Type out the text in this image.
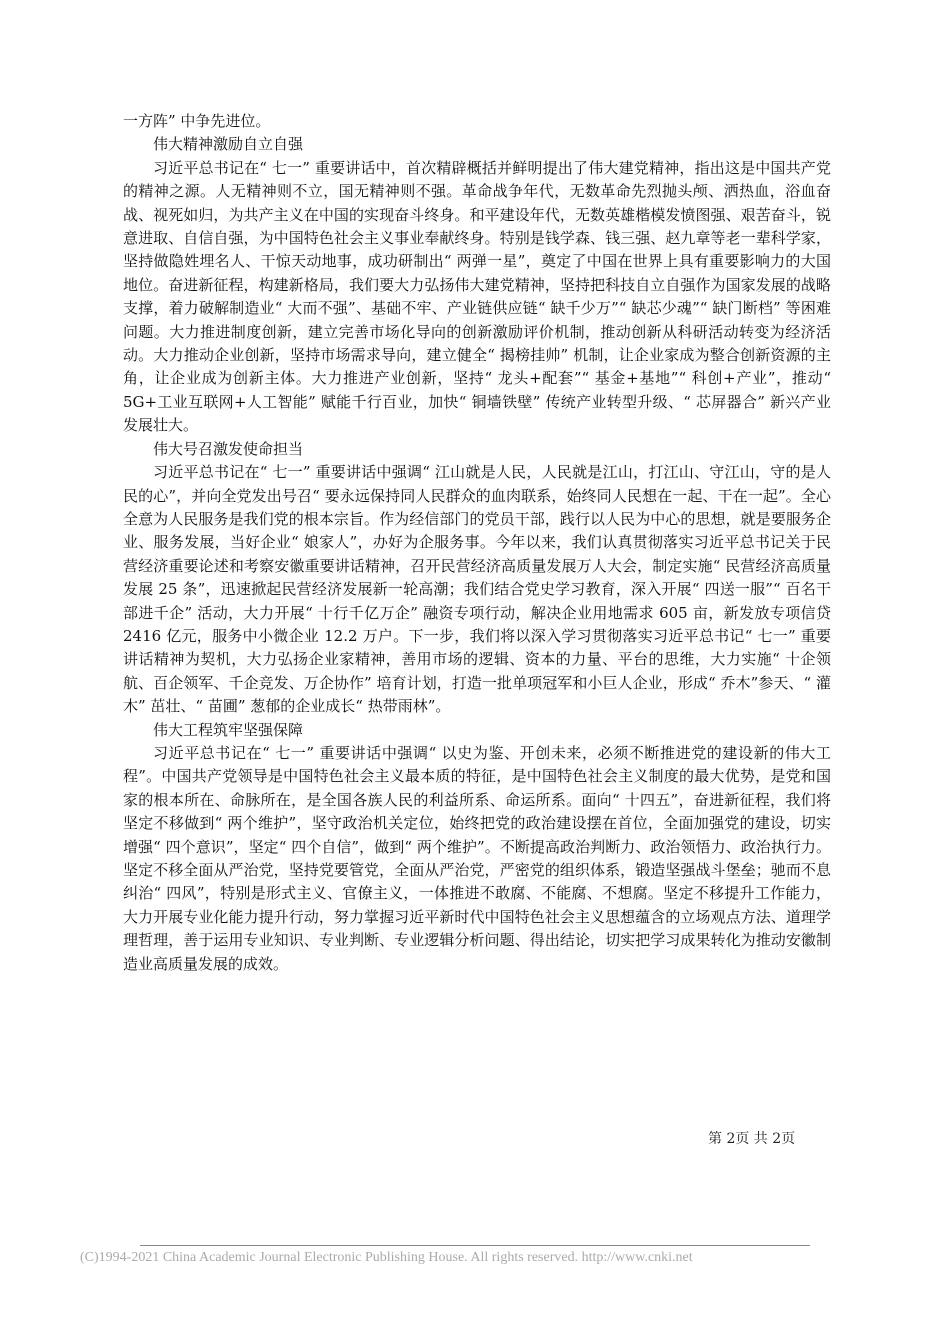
一方阵” 中争先进位。

伟大精神激励自立自强

习近平总书记在“ 七一” 重要讲话中，首次精辟概括并鲜明提出了伟大建党精神，指出这是中国共产党的精神之源。人无精神则不立，国无精神则不强。革命战争年代，无数革命先烈抛头颅、洒热血，浴血奋战、视死如归，为共产主义在中国的实现奋斗终身。和平建设年代，无数英雄楷模发愤图强、艰苦奋斗，锐意进取、自信自强，为中国特色社会主义事业奉献终身。特别是钱学森、钱三强、赵九章等老一辈科学家，坚持做隐姓埋名人、干惊天动地事，成功研制出“ 两弹一星”，奠定了中国在世界上具有重要影响力的大国地位。奋进新征程，构建新格局，我们要大力弘扬伟大建党精神，坚持把科技自立自强作为国家发展的战略支撑，着力破解制造业“ 大而不强”、基础不牢、产业链供应链“ 缺千少万”“ 缺芯少魂”“ 缺门断档” 等困难问题。大力推进制度创新，建立完善市场化导向的创新激励评价机制，推动创新从科研活动转变为经济活动。大力推动企业创新，坚持市场需求导向，建立健全“ 揭榜挂帅” 机制，让企业家成为整合创新资源的主角，让企业成为创新主体。大力推进产业创新，坚持“ 龙头+配套”“ 基金+基地”“ 科创+产业”，推动“ 5G+工业互联网+人工智能” 赋能千行百业，加快“ 铜墙铁壁” 传统产业转型升级、“ 芯屏器合” 新兴产业发展壮大。

伟大号召激发使命担当

习近平总书记在“ 七一” 重要讲话中强调“ 江山就是人民，人民就是江山，打江山、守江山，守的是人民的心”，并向全党发出号召“ 要永远保持同人民群众的血肉联系，始终同人民想在一起、干在一起”。全心全意为人民服务是我们党的根本宗旨。作为经信部门的党员干部，践行以人民为中心的思想，就是要服务企业、服务发展，当好企业“ 娘家人”，办好为企服务事。今年以来，我们认真贯彻落实习近平总书记关于民营经济重要论述和考察安徽重要讲话精神，召开民营经济高质量发展万人大会，制定实施“ 民营经济高质量发展 25 条”，迅速掀起民营经济发展新一轮高潮；我们结合党史学习教育，深入开展“ 四送一服”“ 百名干部进千企” 活动，大力开展“ 十行千亿万企” 融资专项行动，解决企业用地需求 605 亩，新发放专项信贷 2416 亿元，服务中小微企业 12.2 万户。下一步，我们将以深入学习贯彻落实习近平总书记“ 七一” 重要讲话精神为契机，大力弘扬企业家精神，善用市场的逻辑、资本的力量、平台的思维，大力实施“ 十企领航、百企领军、千企竞发、万企协作” 培育计划，打造一批单项冠军和小巨人企业，形成“ 乔木”参天、“ 灌木” 茁壮、“ 苗圃” 葱郁的企业成长“ 热带雨林”。

伟大工程筑牢坚强保障

习近平总书记在“ 七一” 重要讲话中强调“ 以史为鉴、开创未来，必须不断推进党的建设新的伟大工程”。中国共产党领导是中国特色社会主义最本质的特征，是中国特色社会主义制度的最大优势，是党和国家的根本所在、命脉所在，是全国各族人民的利益所系、命运所系。面向“ 十四五”，奋进新征程，我们将坚定不移做到“ 两个维护”，坚守政治机关定位，始终把党的政治建设摆在首位，全面加强党的建设，切实增强“ 四个意识”，坚定“ 四个自信”，做到“ 两个维护”。不断提高政治判断力、政治领悟力、政治执行力。坚定不移全面从严治党，坚持党要管党，全面从严治党，严密党的组织体系，锻造坚强战斗堡垒；驰而不息纠治“ 四风”，特别是形式主义、官僚主义，一体推进不敢腐、不能腐、不想腐。坚定不移提升工作能力，大力开展专业化能力提升行动，努力掌握习近平新时代中国特色社会主义思想蕴含的立场观点方法、道理学理哲理，善于运用专业知识、专业判断、专业逻辑分析问题、得出结论，切实把学习成果转化为推动安徽制造业高质量发展的成效。

第 2页 共 2页
(C)1994-2021 China Academic Journal Electronic Publishing House. All rights reserved. http://www.cnki.net
